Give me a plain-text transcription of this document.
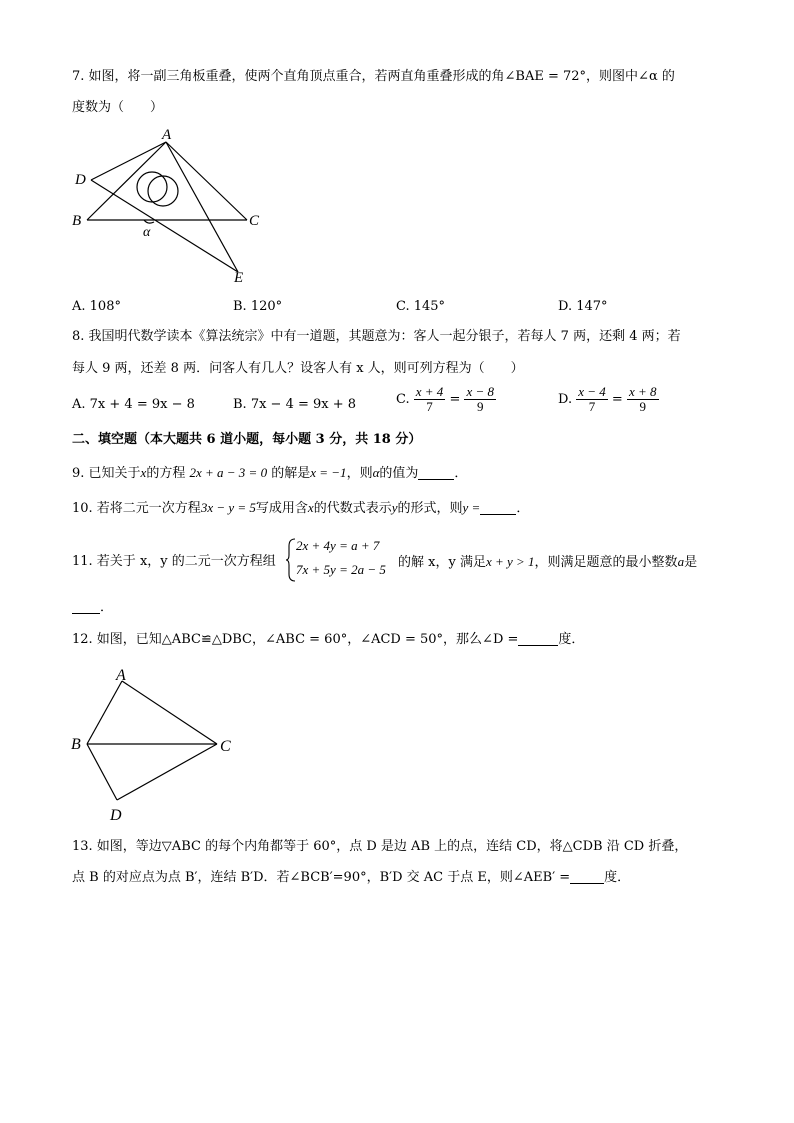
7. 如图，将一副三角板重叠，使两个直角顶点重合，若两直角重叠形成的角∠BAE = 72°，则图中∠α 的
度数为（　　）
A
D
B	C
α
E
A. 108°	B. 120°	C. 145°	D. 147°
8. 我国明代数学读本《算法统宗》中有一道题，其题意为：客人一起分银子，若每人 7 两，还剩 4 两；若
每人 9 两，还差 8 两．问客人有几人？设客人有 x 人，则可列方程为（　　）
A. 7x + 4 = 9x − 8	B. 7x − 4 = 9x + 8	C. $\frac{x + 4}{7} = \frac{x - 8}{9}$	D. $\frac{x - 4}{7} = \frac{x + 8}{9}$
二、填空题（本大题共 6 道小题，每小题 3 分，共 18 分）
9. 已知关于x的方程 2x + a − 3 = 0 的解是x = −1，则α的值为	．
10. 若将二元一次方程3x − y = 5写成用含x的代数式表示y的形式，则y =	．
11. 若关于 x，y 的二元一次方程组
2x + 4y = a + 7
7x + 5y = 2a − 5 的解 x，y 满足x + y > 1，则满足题意的最小整数a是
．
12. 如图，已知△ABC≌△DBC，∠ABC = 60°，∠ACD = 50°，那么∠D =	度．
A
B	C
D
13. 如图，等边▽ABC 的每个内角都等于 60°，点 D 是边 AB 上的点，连结 CD，将△CDB 沿 CD 折叠，
点 B 的对应点为点 B′，连结 B′D．若∠BCB′=90°，B′D 交 AC 于点 E，则∠AEB′ =	度．
